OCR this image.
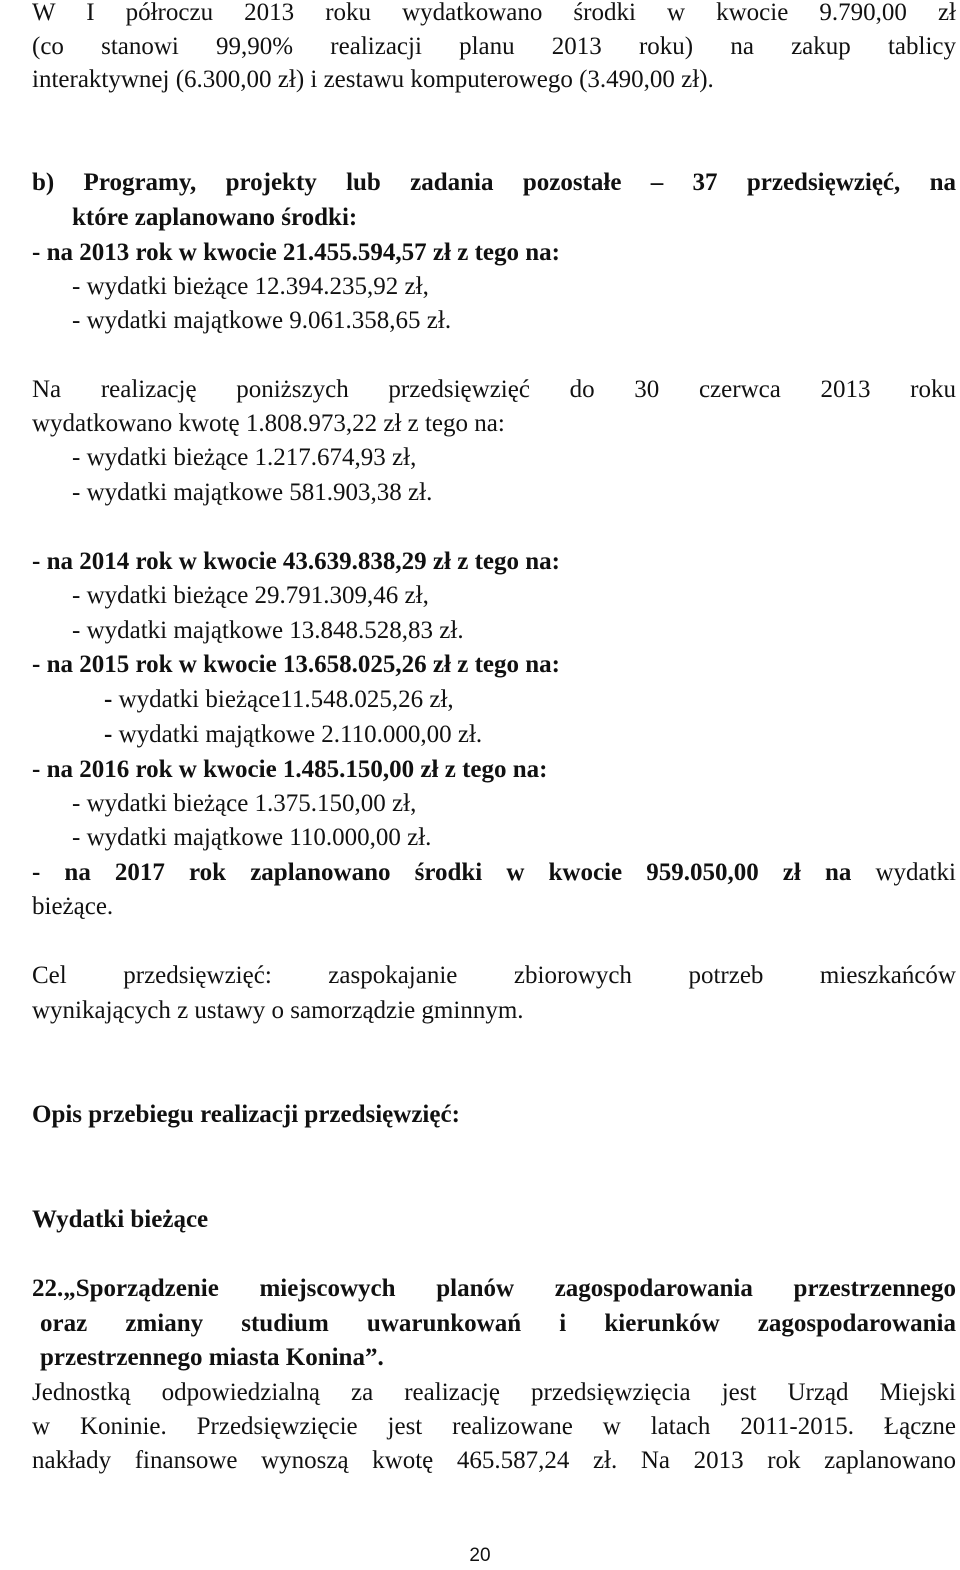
W I półroczu 2013 roku wydatkowano środki w kwocie 9.790,00 zł
(co stanowi 99,90% realizacji planu 2013 roku) na zakup tablicy
interaktywnej (6.300,00 zł) i zestawu komputerowego (3.490,00 zł).
b) Programy, projekty lub zadania pozostałe – 37 przedsięwzięć, na
które zaplanowano środki:
- na 2013 rok w kwocie 21.455.594,57 zł z tego na:
- wydatki bieżące 12.394.235,92 zł,
- wydatki majątkowe 9.061.358,65 zł.
Na realizację poniższych przedsięwzięć do 30 czerwca 2013 roku
wydatkowano kwotę 1.808.973,22 zł z tego na:
- wydatki bieżące 1.217.674,93 zł,
- wydatki majątkowe 581.903,38 zł.
- na 2014 rok w kwocie 43.639.838,29 zł z tego na:
- wydatki bieżące 29.791.309,46 zł,
- wydatki majątkowe 13.848.528,83 zł.
- na 2015 rok w kwocie 13.658.025,26 zł z tego na:
- wydatki bieżące11.548.025,26 zł,
- wydatki majątkowe 2.110.000,00 zł.
- na 2016 rok w kwocie 1.485.150,00 zł z tego na:
- wydatki bieżące 1.375.150,00 zł,
- wydatki majątkowe 110.000,00 zł.
- na 2017 rok zaplanowano środki w kwocie 959.050,00 zł na wydatki
bieżące.
Cel przedsięwzięć: zaspokajanie zbiorowych potrzeb mieszkańców
wynikających z ustawy o samorządzie gminnym.
Opis przebiegu realizacji przedsięwzięć:
Wydatki bieżące
22.„Sporządzenie miejscowych planów zagospodarowania przestrzennego
oraz zmiany studium uwarunkowań i kierunków zagospodarowania
przestrzennego miasta Konina”.
Jednostką odpowiedzialną za realizację przedsięwzięcia jest Urząd Miejski
w Koninie. Przedsięwzięcie jest realizowane w latach 2011-2015. Łączne
nakłady finansowe wynoszą kwotę 465.587,24 zł. Na 2013 rok zaplanowano
20
